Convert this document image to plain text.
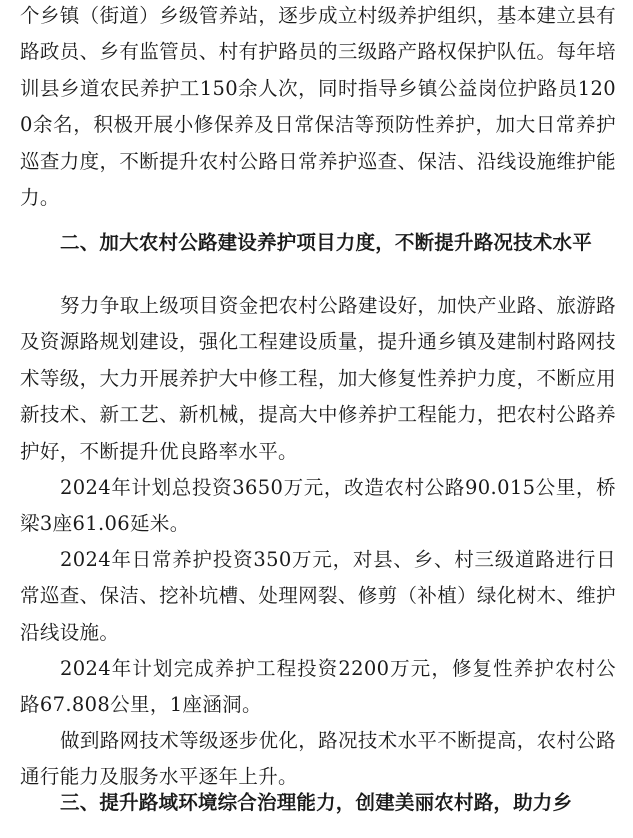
个乡镇（街道）乡级管养站，逐步成立村级养护组织，基本建立县有路政员、乡有监管员、村有护路员的三级路产路权保护队伍。每年培训县乡道农民养护工150余人次，同时指导乡镇公益岗位护路员1200余名，积极开展小修保养及日常保洁等预防性养护，加大日常养护巡查力度，不断提升农村公路日常养护巡查、保洁、沿线设施维护能力。

二、加大农村公路建设养护项目力度，不断提升路况技术水平

努力争取上级项目资金把农村公路建设好，加快产业路、旅游路及资源路规划建设，强化工程建设质量，提升通乡镇及建制村路网技术等级，大力开展养护大中修工程，加大修复性养护力度，不断应用新技术、新工艺、新机械，提高大中修养护工程能力，把农村公路养护好，不断提升优良路率水平。

2024年计划总投资3650万元，改造农村公路90.015公里，桥梁3座61.06延米。

2024年日常养护投资350万元，对县、乡、村三级道路进行日常巡查、保洁、挖补坑槽、处理网裂、修剪（补植）绿化树木、维护沿线设施。

2024年计划完成养护工程投资2200万元，修复性养护农村公路67.808公里，1座涵洞。

做到路网技术等级逐步优化，路况技术水平不断提高，农村公路通行能力及服务水平逐年上升。

三、提升路域环境综合治理能力，创建美丽农村路，助力乡
